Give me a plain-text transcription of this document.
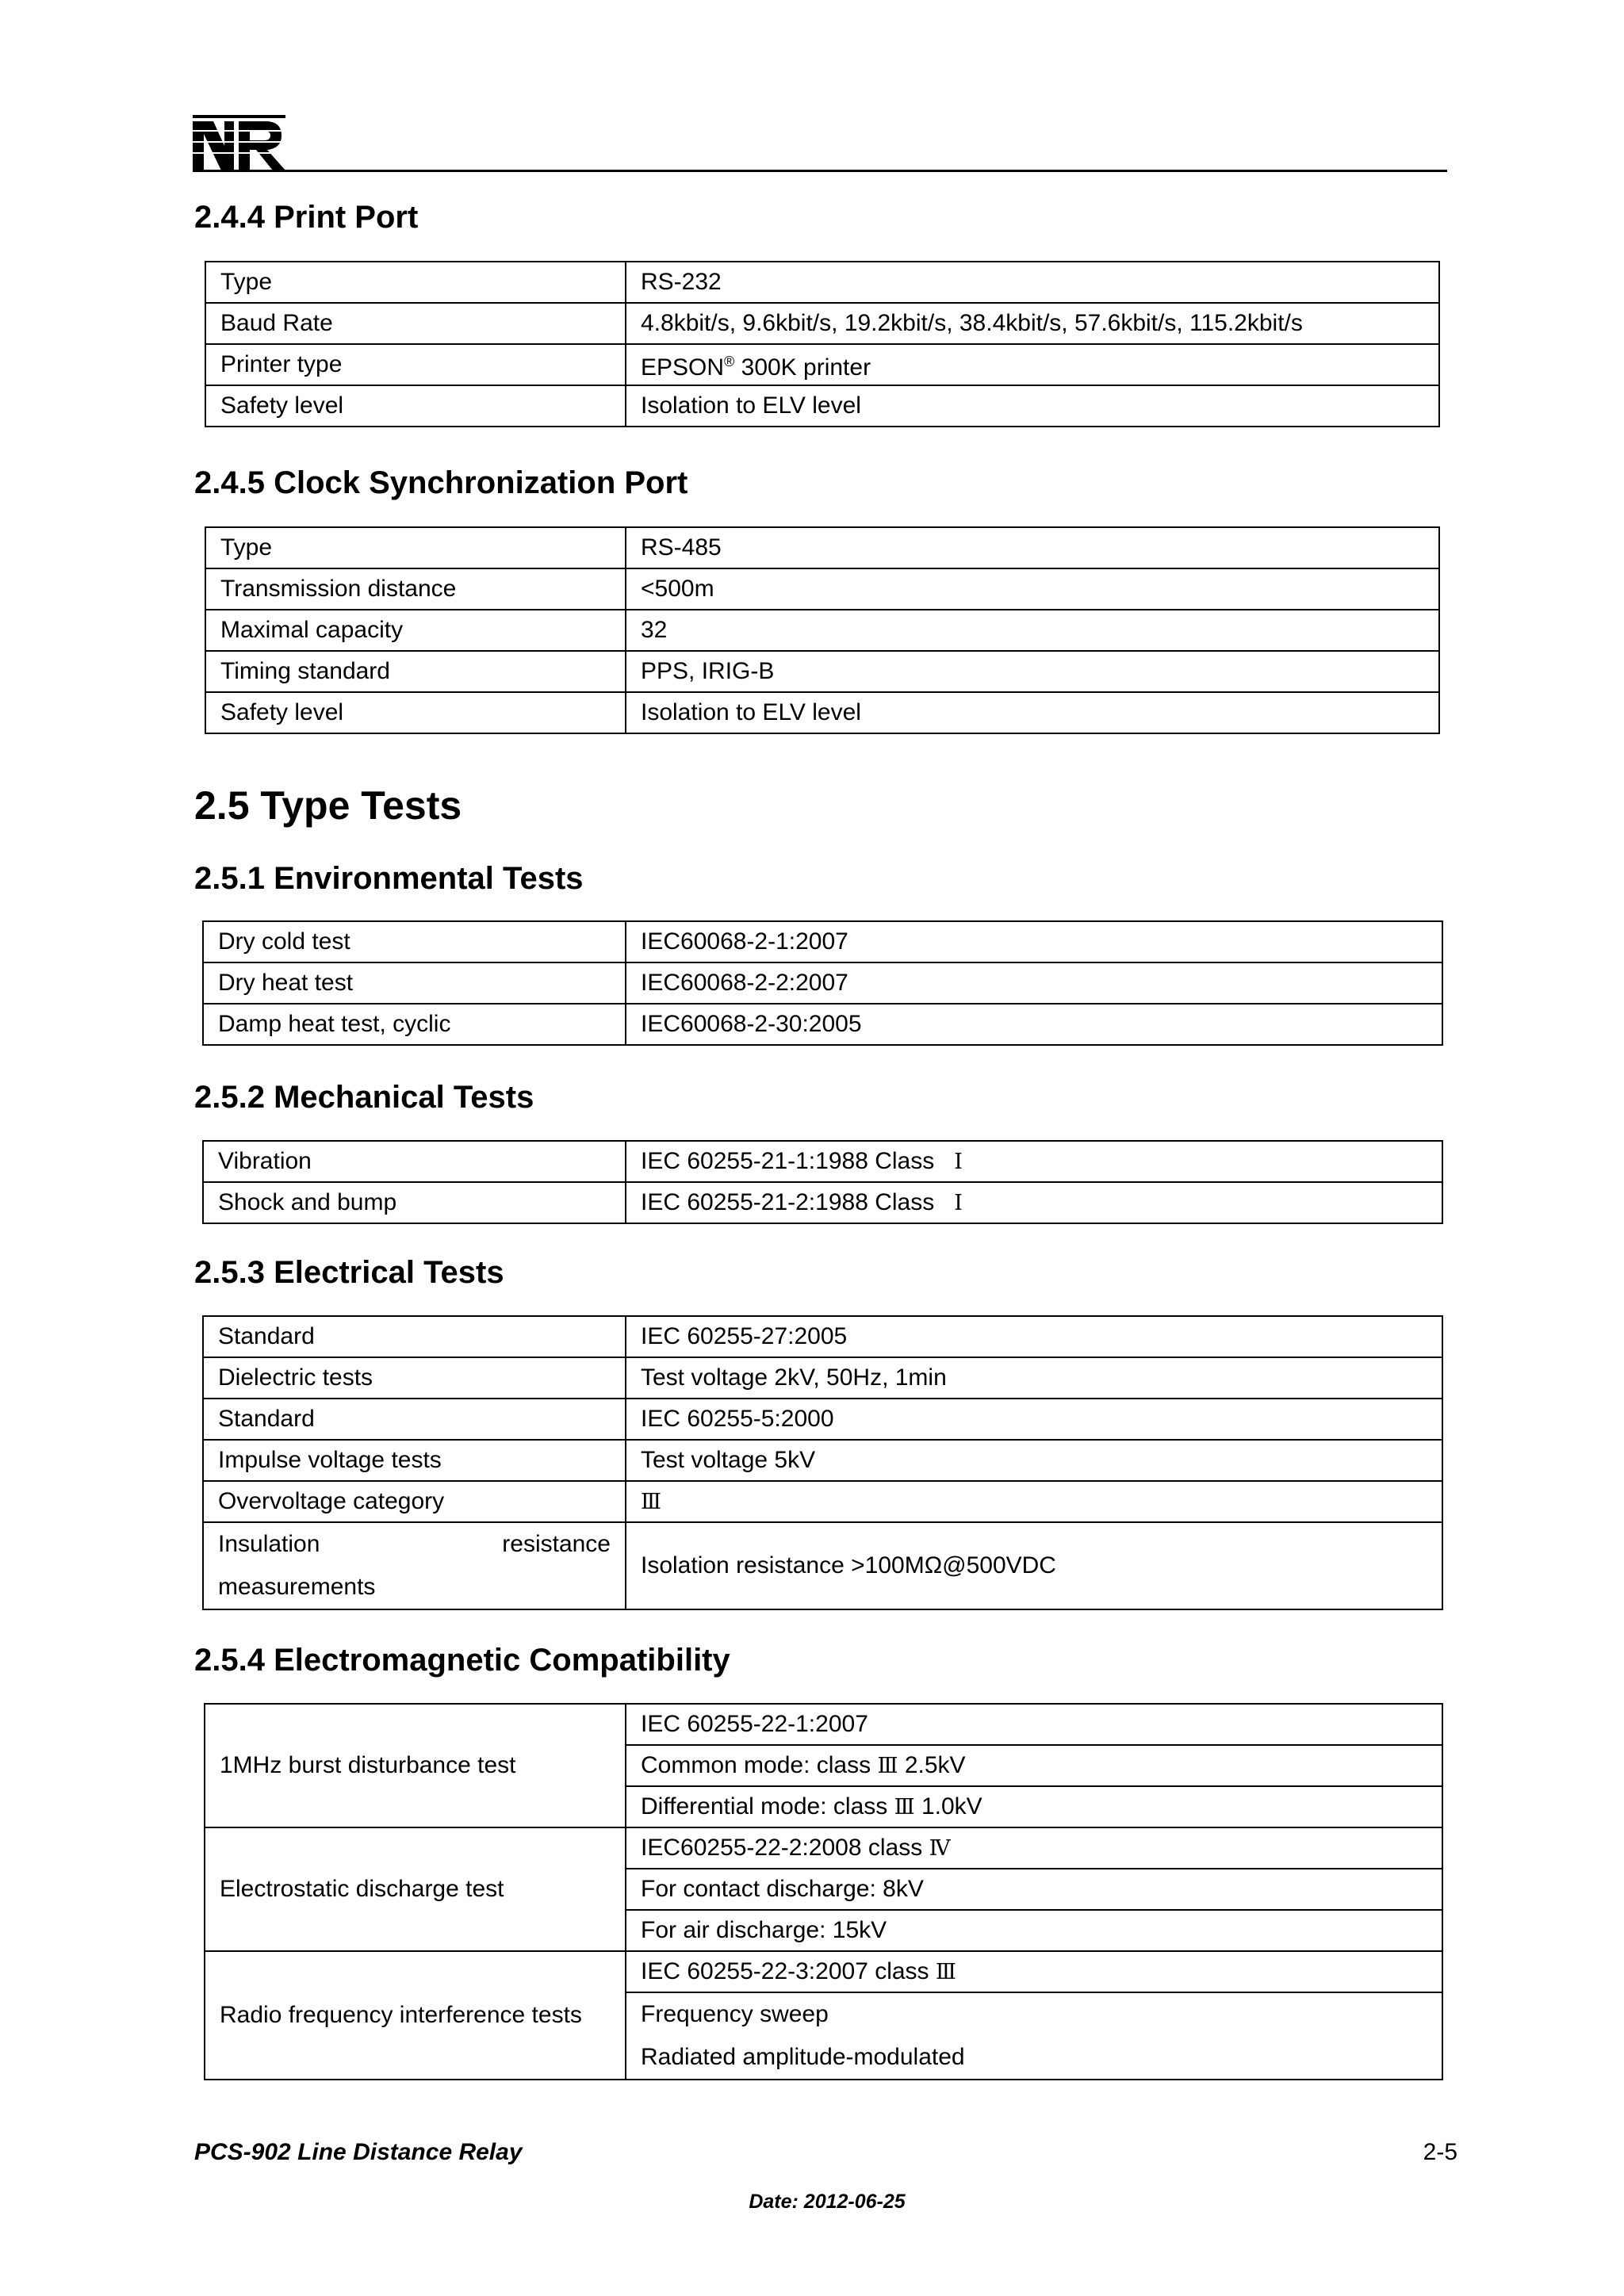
2.4.4 Print Port
Type	RS-232
Baud Rate	4.8kbit/s, 9.6kbit/s, 19.2kbit/s, 38.4kbit/s, 57.6kbit/s, 115.2kbit/s
Printer type	EPSON® 300K printer
Safety level	Isolation to ELV level
2.4.5 Clock Synchronization Port
Type	RS-485
Transmission distance	<500m
Maximal capacity	32
Timing standard	PPS, IRIG-B
Safety level	Isolation to ELV level
2.5 Type Tests
2.5.1 Environmental Tests
Dry cold test	IEC60068-2-1:2007
Dry heat test	IEC60068-2-2:2007
Damp heat test, cyclic	IEC60068-2-30:2005
2.5.2 Mechanical Tests
Vibration	IEC 60255-21-1:1988 Class Ⅰ
Shock and bump	IEC 60255-21-2:1988 Class Ⅰ
2.5.3 Electrical Tests
Standard	IEC 60255-27:2005
Dielectric tests	Test voltage 2kV, 50Hz, 1min
Standard	IEC 60255-5:2000
Impulse voltage tests	Test voltage 5kV
Overvoltage category	Ⅲ

Insulation resistance
measurements	Isolation resistance >100MΩ@500VDC
2.5.4 Electromagnetic Compatibility
1MHz burst disturbance test	IEC 60255-22-1:2007
	Common mode: class Ⅲ 2.5kV
	Differential mode: class Ⅲ 1.0kV
Electrostatic discharge test	IEC60255-22-2:2008 class Ⅳ
	For contact discharge: 8kV
	For air discharge: 15kV
Radio frequency interference tests	IEC 60255-22-3:2007 class Ⅲ

	Frequency sweep
Radiated amplitude-modulated

PCS-902 Line Distance Relay	2-5
Date: 2012-06-25
